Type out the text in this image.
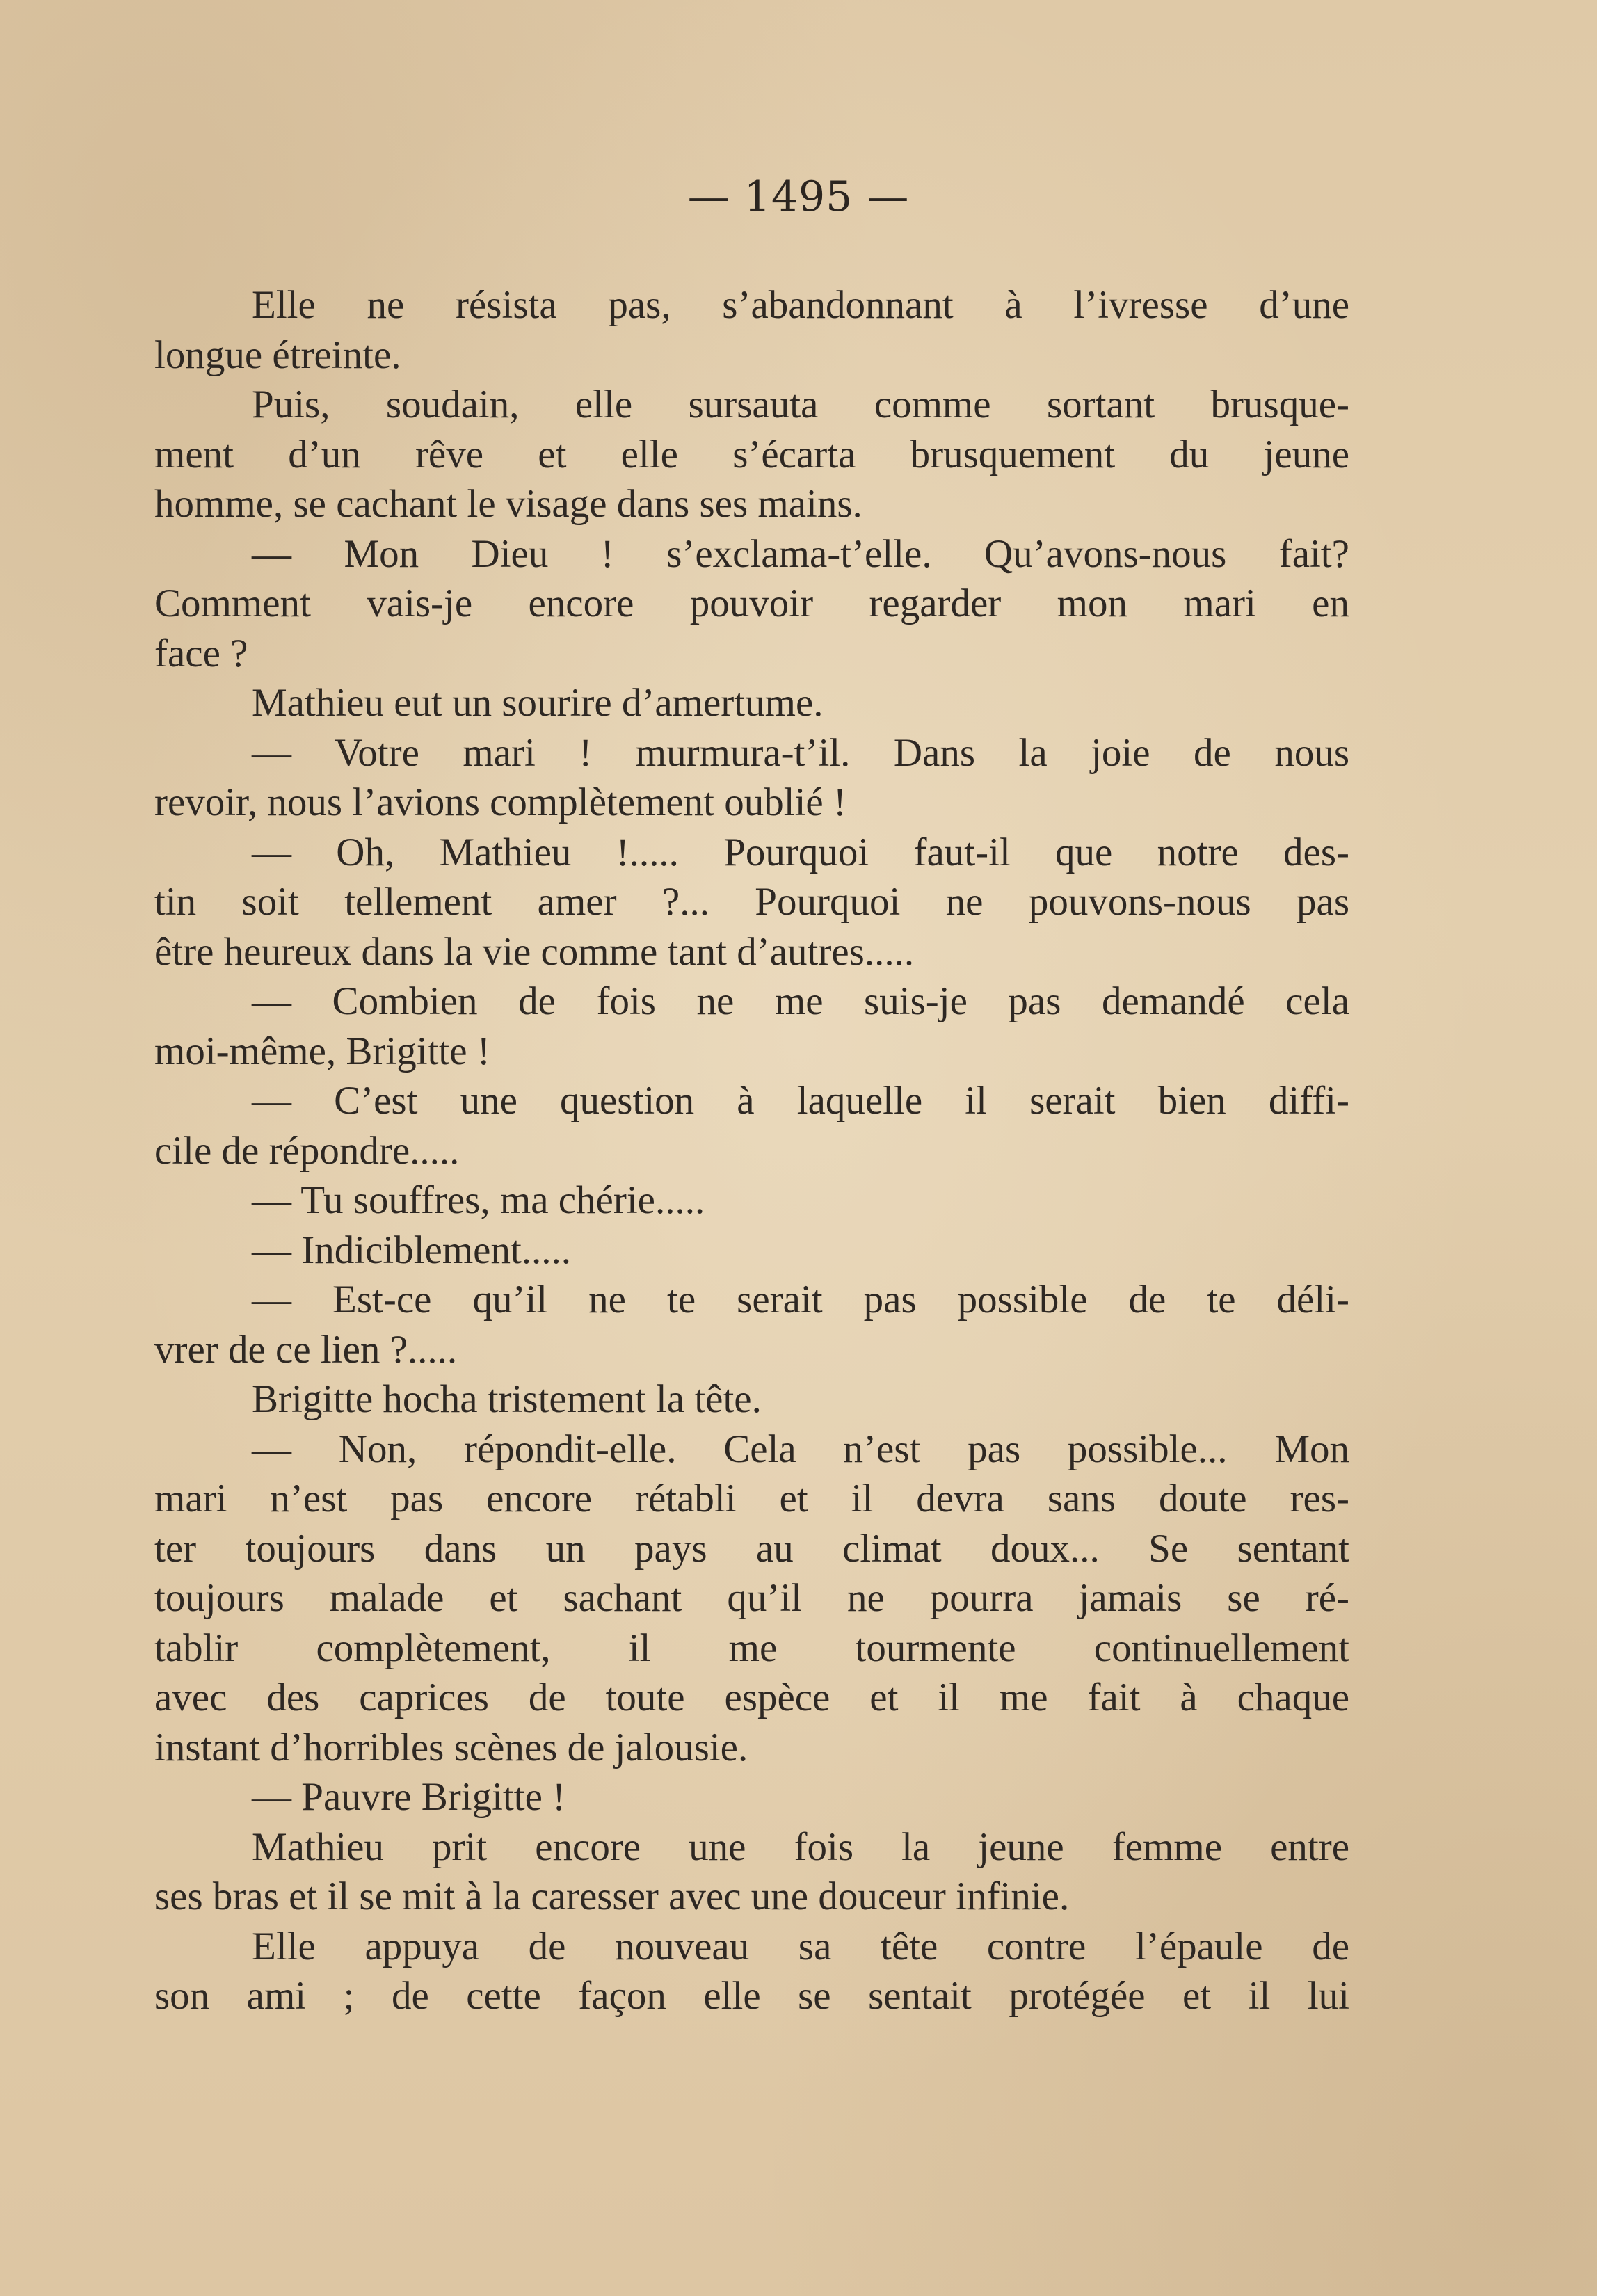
— 1495 —
Elle ne résista pas, s’abandonnant à l’ivresse d’une
longue étreinte.
Puis, soudain, elle sursauta comme sortant brusque-
ment d’un rêve et elle s’écarta brusquement du jeune
homme, se cachant le visage dans ses mains.
— Mon Dieu ! s’exclama-t’elle. Qu’avons-nous fait?
Comment vais-je encore pouvoir regarder mon mari en
face ?
Mathieu eut un sourire d’amertume.
— Votre mari ! murmura-t’il. Dans la joie de nous
revoir, nous l’avions complètement oublié !
— Oh, Mathieu !..... Pourquoi faut-il que notre des-
tin soit tellement amer ?... Pourquoi ne pouvons-nous pas
être heureux dans la vie comme tant d’autres.....
— Combien de fois ne me suis-je pas demandé cela
moi-même, Brigitte !
— C’est une question à laquelle il serait bien diffi-
cile de répondre.....
— Tu souffres, ma chérie.....
— Indiciblement.....
— Est-ce qu’il ne te serait pas possible de te déli-
vrer de ce lien ?.....
Brigitte hocha tristement la tête.
— Non, répondit-elle. Cela n’est pas possible... Mon
mari n’est pas encore rétabli et il devra sans doute res-
ter toujours dans un pays au climat doux... Se sentant
toujours malade et sachant qu’il ne pourra jamais se ré-
tablir complètement, il me tourmente continuellement
avec des caprices de toute espèce et il me fait à chaque
instant d’horribles scènes de jalousie.
— Pauvre Brigitte !
Mathieu prit encore une fois la jeune femme entre
ses bras et il se mit à la caresser avec une douceur infinie.
Elle appuya de nouveau sa tête contre l’épaule de
son ami ; de cette façon elle se sentait protégée et il lui
